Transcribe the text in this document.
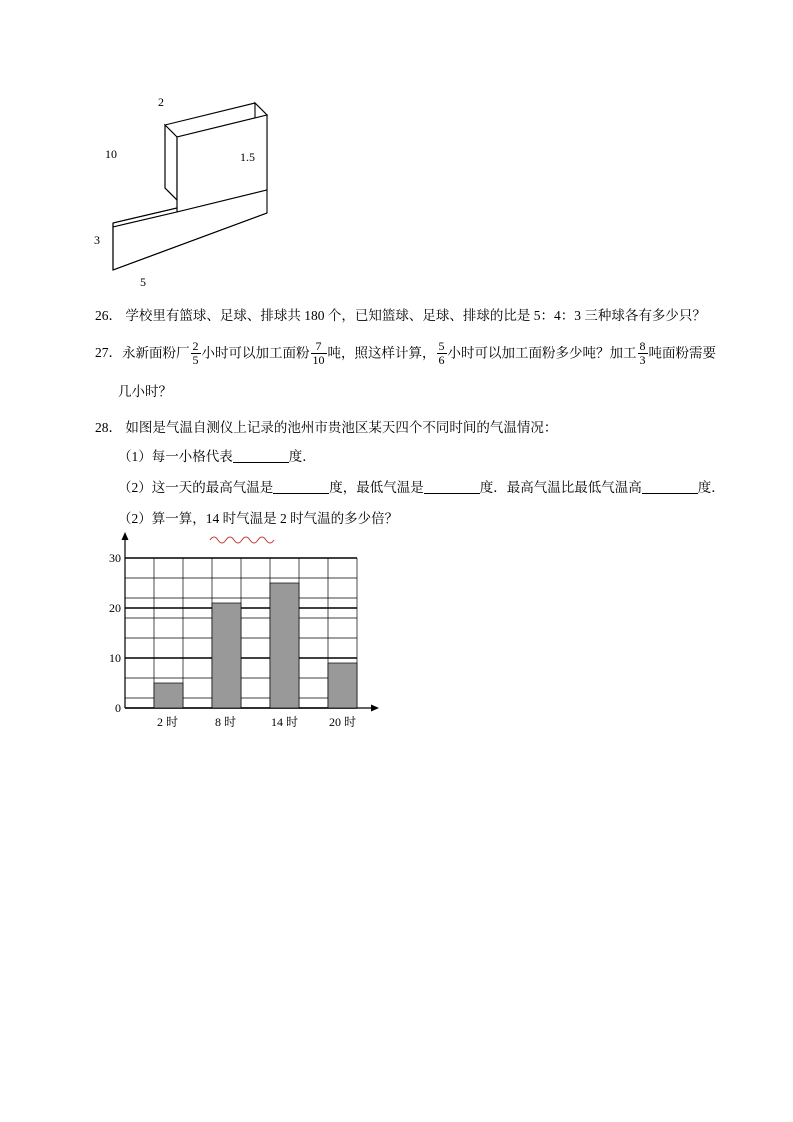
2
10	1.5
3
5
26． 学校里有篮球、足球、排球共 180 个，已知篮球、足球、排球的比是 5：4：3 三种球各有多少只？
27．永新面粉厂 $\frac{2}{5}$ 小时可以加工面粉 $\frac{7}{10}$ 吨，照这样计算， $\frac{5}{6}$ 小时可以加工面粉多少吨？加工 $\frac{8}{3}$ 吨面粉需要
几小时？
28． 如图是气温自测仪上记录的池州市贵池区某天四个不同时间的气温情况：
（1）每一小格代表	度．
（2）这一天的最高气温是	度，最低气温是	度．最高气温比最低气温高	度．
（2）算一算，14 时气温是 2 时气温的多少倍？
30
20
10
0
2 时	8 时	14 时	20 时
